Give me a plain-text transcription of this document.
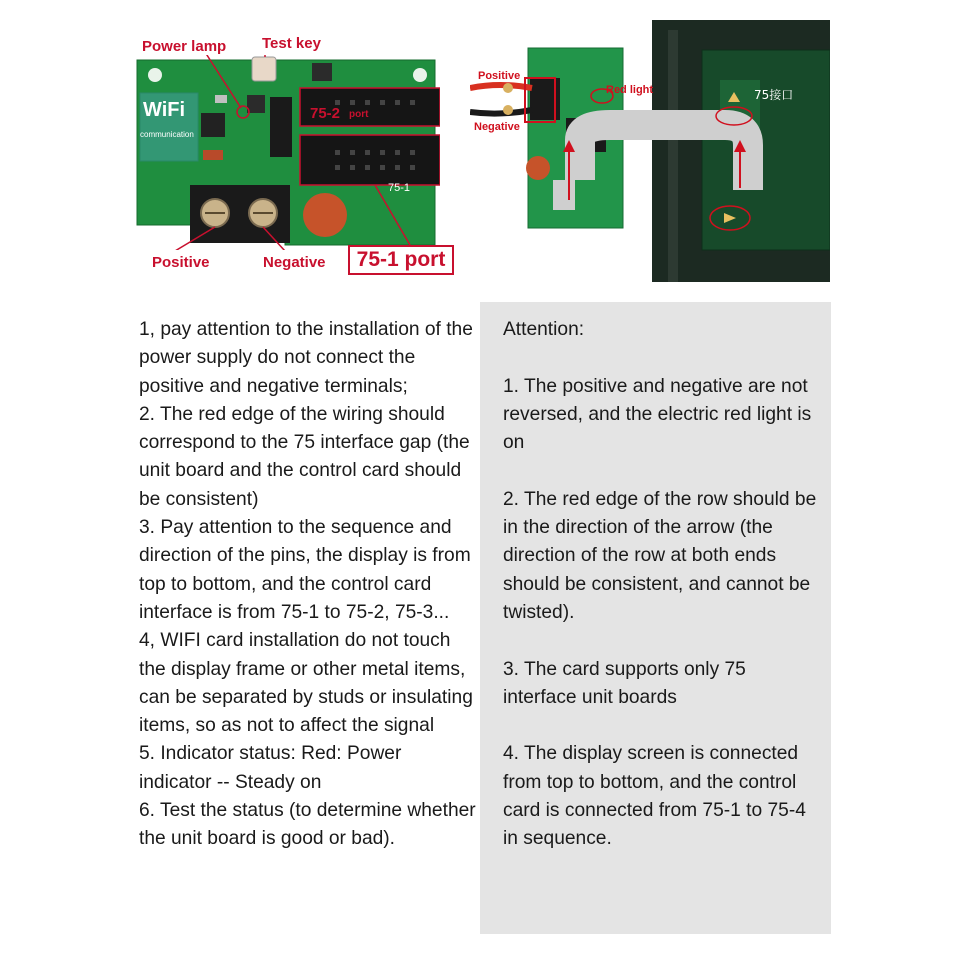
WiFi
communication
75-2 port
75-1
Power lamp Test key
Positive	Negative	75-1 port
Positive
Negative
Red light	75接口

1, pay attention to the installation of the power supply do not connect the positive and negative terminals;

2. The red edge of the wiring should correspond to the 75 interface gap (the unit board and the control card should be consistent)

3. Pay attention to the sequence and direction of the pins, the display is from top to bottom, and the control card interface is from 75-1 to 75-2, 75-3...

4, WIFI card installation do not touch the display frame or other metal items, can be separated by studs or insulating items, so as not to affect the signal

5. Indicator status: Red: Power indicator -- Steady on

6. Test the status (to determine whether the unit board is good or bad).

Attention:

1. The positive and negative are not reversed, and the electric red light is on

2. The red edge of the row should be in the direction of the arrow (the direction of the row at both ends should be consistent, and cannot be twisted).

3. The card supports only 75 interface unit boards

4. The display screen is connected from top to bottom, and the control card is connected from 75-1 to 75-4 in sequence.
